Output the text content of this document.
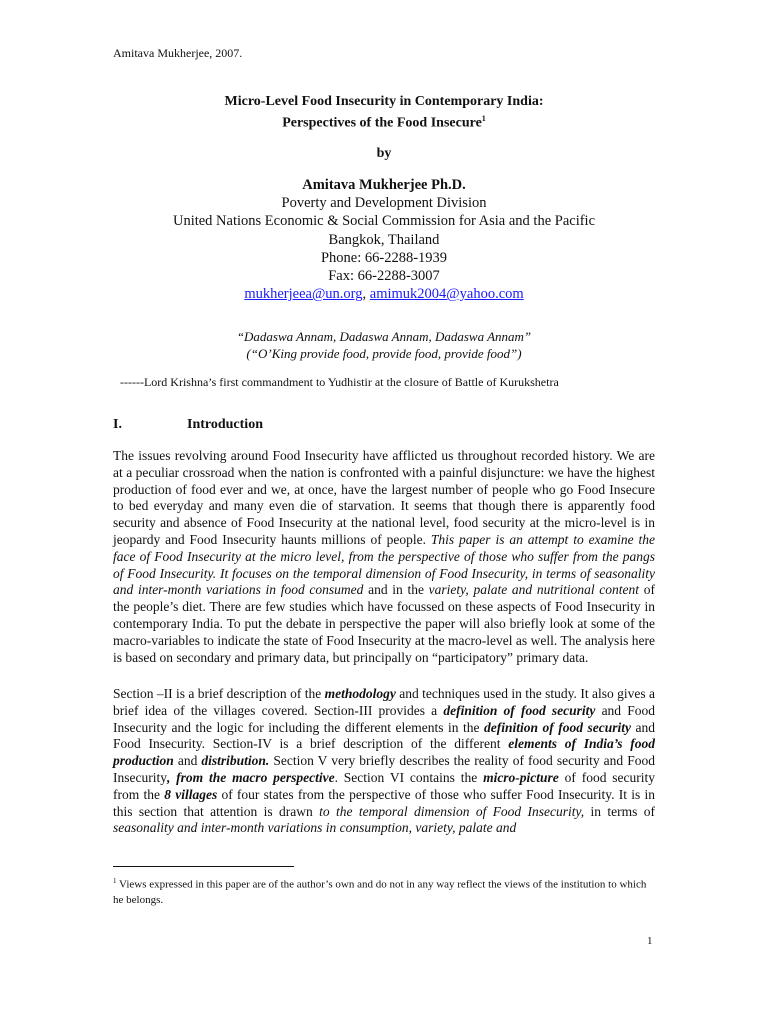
Amitava Mukherjee, 2007.
Micro-Level Food Insecurity in Contemporary India:
Perspectives of the Food Insecure$^1$
by
Amitava Mukherjee Ph.D.
Poverty and Development Division
United Nations Economic & Social Commission for Asia and the Pacific
Bangkok, Thailand
Phone: 66-2288-1939
Fax: 66-2288-3007
mukherjeea@un.org, amimuk2004@yahoo.com
“Dadaswa Annam, Dadaswa Annam, Dadaswa Annam”
(“O’King provide food, provide food, provide food”)
------Lord Krishna’s first commandment to Yudhistir at the closure of Battle of Kurukshetra
I.	Introduction

The issues revolving around Food Insecurity have afflicted us throughout recorded history. We are at a peculiar crossroad when the nation is confronted with a painful disjuncture: we have the highest production of food ever and we, at once, have the largest number of people who go Food Insecure to bed everyday and many even die of starvation. It seems that though there is apparently food security and absence of Food Insecurity at the national level, food security at the micro-level is in jeopardy and Food Insecurity haunts millions of people. This paper is an attempt to examine the face of Food Insecurity at the micro level, from the perspective of those who suffer from the pangs of Food Insecurity. It focuses on the temporal dimension of Food Insecurity, in terms of seasonality and inter-month variations in food consumed and in the variety, palate and nutritional content of the people’s diet. There are few studies which have focussed on these aspects of Food Insecurity in contemporary India. To put the debate in perspective the paper will also briefly look at some of the macro-variables to indicate the state of Food Insecurity at the macro-level as well. The analysis here is based on secondary and primary data, but principally on “participatory” primary data.

Section –II is a brief description of the methodology and techniques used in the study. It also gives a brief idea of the villages covered. Section-III provides a definition of food security and Food Insecurity and the logic for including the different elements in the definition of food security and Food Insecurity. Section-IV is a brief description of the different elements of India’s food production and distribution. Section V very briefly describes the reality of food security and Food Insecurity, from the macro perspective. Section VI contains the micro-picture of food security from the 8 villages of four states from the perspective of those who suffer Food Insecurity. It is in this section that attention is drawn to the temporal dimension of Food Insecurity, in terms of seasonality and inter-month variations in consumption, variety, palate and

$^1$ Views expressed in this paper are of the author’s own and do not in any way reflect the views of the institution to which he belongs.
1
